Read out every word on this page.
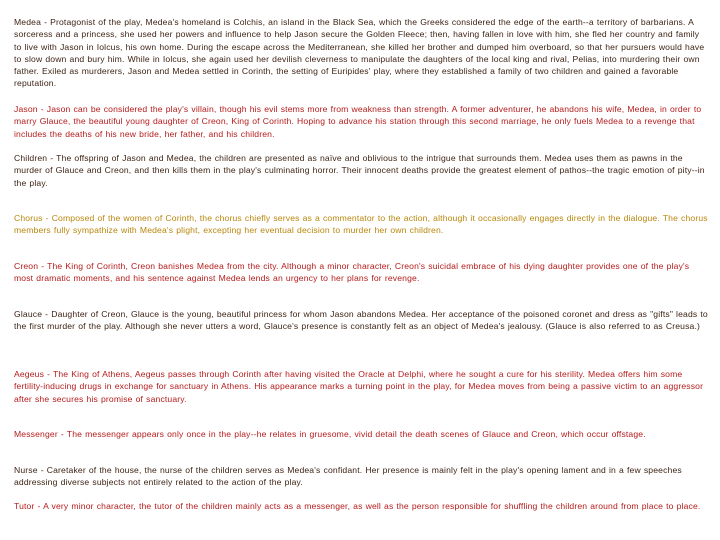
Medea - Protagonist of the play, Medea's homeland is Colchis, an island in the Black Sea, which the Greeks considered the edge of the earth--a territory of barbarians. A sorceress and a princess, she used her powers and influence to help Jason secure the Golden Fleece; then, having fallen in love with him, she fled her country and family to live with Jason in Iolcus, his own home. During the escape across the Mediterranean, she killed her brother and dumped him overboard, so that her pursuers would have to slow down and bury him. While in Iolcus, she again used her devilish cleverness to manipulate the daughters of the local king and rival, Pelias, into murdering their own father. Exiled as murderers, Jason and Medea settled in Corinth, the setting of Euripides' play, where they established a family of two children and gained a favorable reputation.

Jason - Jason can be considered the play's villain, though his evil stems more from weakness than strength. A former adventurer, he abandons his wife, Medea, in order to marry Glauce, the beautiful young daughter of Creon, King of Corinth. Hoping to advance his station through this second marriage, he only fuels Medea to a revenge that includes the deaths of his new bride, her father, and his children.

Children - The offspring of Jason and Medea, the children are presented as naïve and oblivious to the intrigue that surrounds them. Medea uses them as pawns in the murder of Glauce and Creon, and then kills them in the play's culminating horror. Their innocent deaths provide the greatest element of pathos--the tragic emotion of pity--in the play.

Chorus - Composed of the women of Corinth, the chorus chiefly serves as a commentator to the action, although it occasionally engages directly in the dialogue. The chorus members fully sympathize with Medea's plight, excepting her eventual decision to murder her own children.

Creon - The King of Corinth, Creon banishes Medea from the city. Although a minor character, Creon's suicidal embrace of his dying daughter provides one of the play's most dramatic moments, and his sentence against Medea lends an urgency to her plans for revenge.

Glauce - Daughter of Creon, Glauce is the young, beautiful princess for whom Jason abandons Medea. Her acceptance of the poisoned coronet and dress as "gifts" leads to the first murder of the play. Although she never utters a word, Glauce's presence is constantly felt as an object of Medea's jealousy. (Glauce is also referred to as Creusa.)

Aegeus - The King of Athens, Aegeus passes through Corinth after having visited the Oracle at Delphi, where he sought a cure for his sterility. Medea offers him some fertility-inducing drugs in exchange for sanctuary in Athens. His appearance marks a turning point in the play, for Medea moves from being a passive victim to an aggressor after she secures his promise of sanctuary.

Messenger - The messenger appears only once in the play--he relates in gruesome, vivid detail the death scenes of Glauce and Creon, which occur offstage.

Nurse - Caretaker of the house, the nurse of the children serves as Medea's confidant. Her presence is mainly felt in the play's opening lament and in a few speeches addressing diverse subjects not entirely related to the action of the play.

Tutor - A very minor character, the tutor of the children mainly acts as a messenger, as well as the person responsible for shuffling the children around from place to place.
